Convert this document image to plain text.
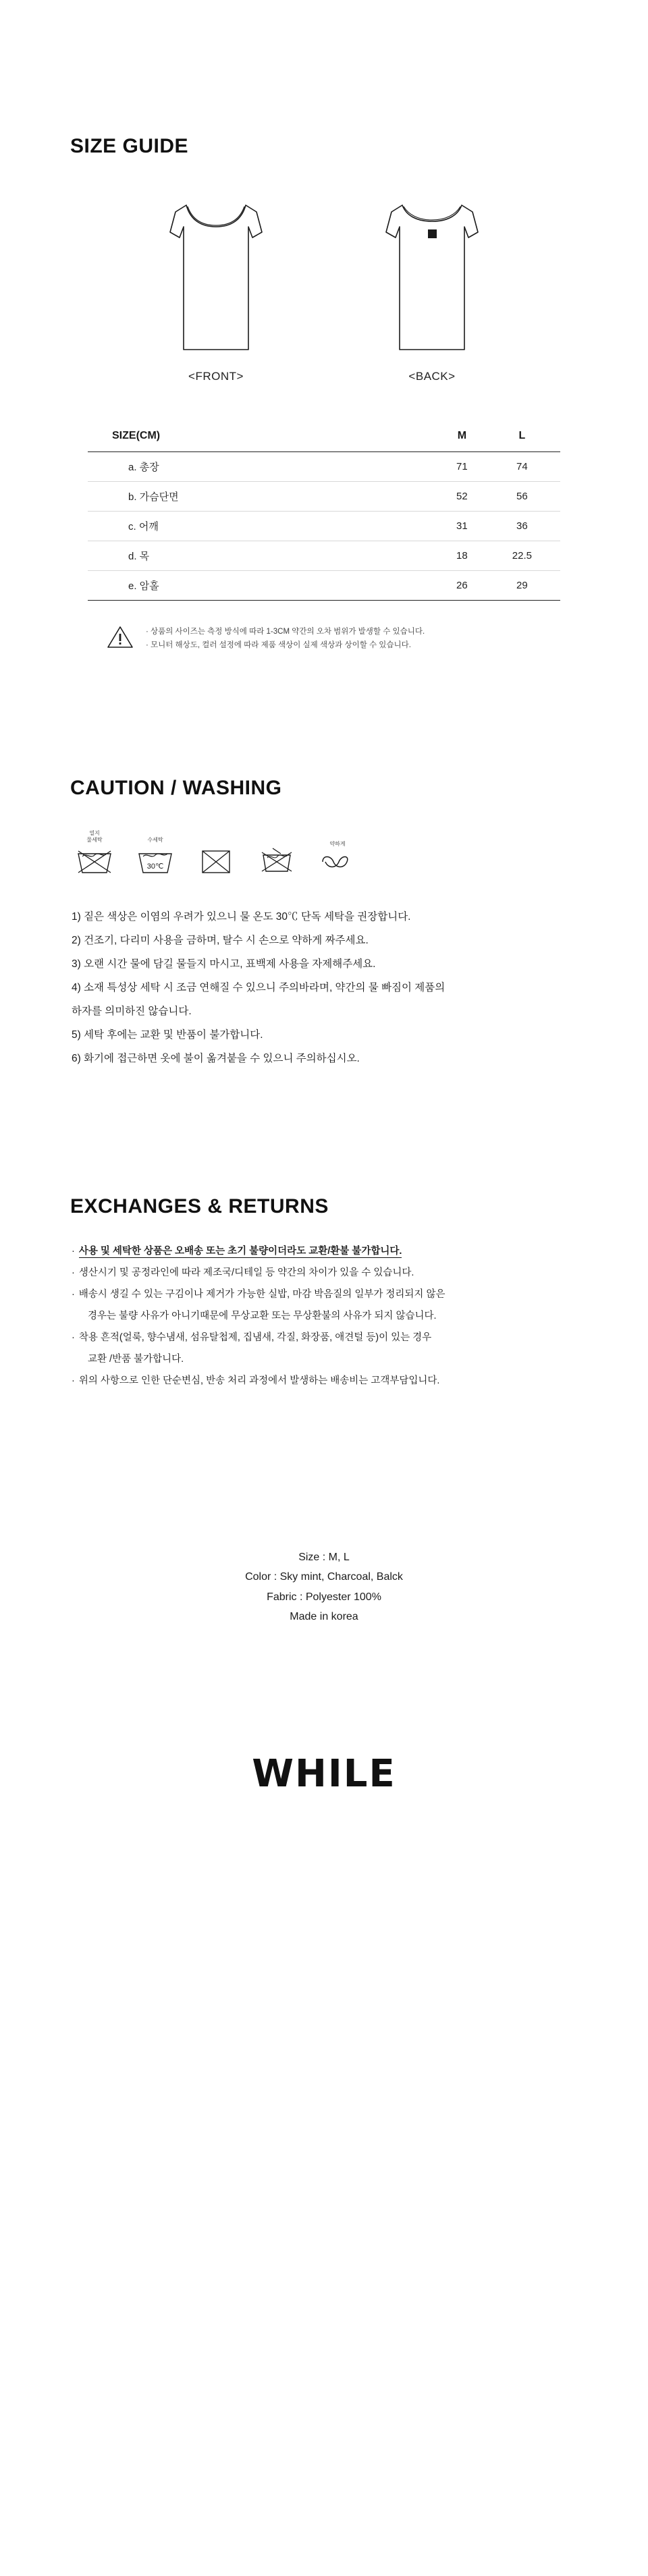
SIZE GUIDE
<FRONT>	<BACK>
SIZE(CM)	M	L
a. 총장	71	74
b. 가슴단면	52	56
c. 어깨	31	36
d. 목	18	22.5
e. 암홀	26	29
· 상품의 사이즈는 측정 방식에 따라 1-3CM 약간의 오차 범위가 발생할 수 있습니다.
· 모니터 해상도, 컬러 설정에 따라 제품 색상이 실제 색상과 상이할 수 있습니다.
CAUTION / WASHING
열지
물세탁	수세탁
30℃
약하게
1) 짙은 색상은 이염의 우려가 있으니 물 온도 30℃ 단독 세탁을 권장합니다.
2) 건조기, 다리미 사용을 금하며, 탈수 시 손으로 약하게 짜주세요.
3) 오랜 시간 물에 담길 물들지 마시고, 표백제 사용을 자제해주세요.
4) 소재 특성상 세탁 시 조금 연해질 수 있으니 주의바라며, 약간의 물 빠짐이 제품의
하자를 의미하진 않습니다.
5) 세탁 후에는 교환 및 반품이 불가합니다.
6) 화기에 접근하면 옷에 불이 옮겨붙을 수 있으니 주의하십시오.
EXCHANGES & RETURNS
· 사용 및 세탁한 상품은 오배송 또는 초기 불량이더라도 교환/환불 불가합니다.
· 생산시기 및 공정라인에 따라 제조국/디테일 등 약간의 차이가 있을 수 있습니다.
· 배송시 생길 수 있는 구김이나 제거가 가능한 실밥, 마감 박음질의 일부가 정리되지 않은
경우는 불량 사유가 아니기때문에 무상교환 또는 무상환불의 사유가 되지 않습니다.
· 착용 흔적(얼룩, 향수냄새, 섬유탈첩제, 집냄새, 각질, 화장품, 애견털 등)이 있는 경우
교환 /반품 불가합니다.
· 위의 사항으로 인한 단순변심, 반송 처리 과정에서 발생하는 배송비는 고객부담입니다.
Size : M, L
Color : Sky mint, Charcoal, Balck
Fabric : Polyester 100%
Made in korea
WHILE
